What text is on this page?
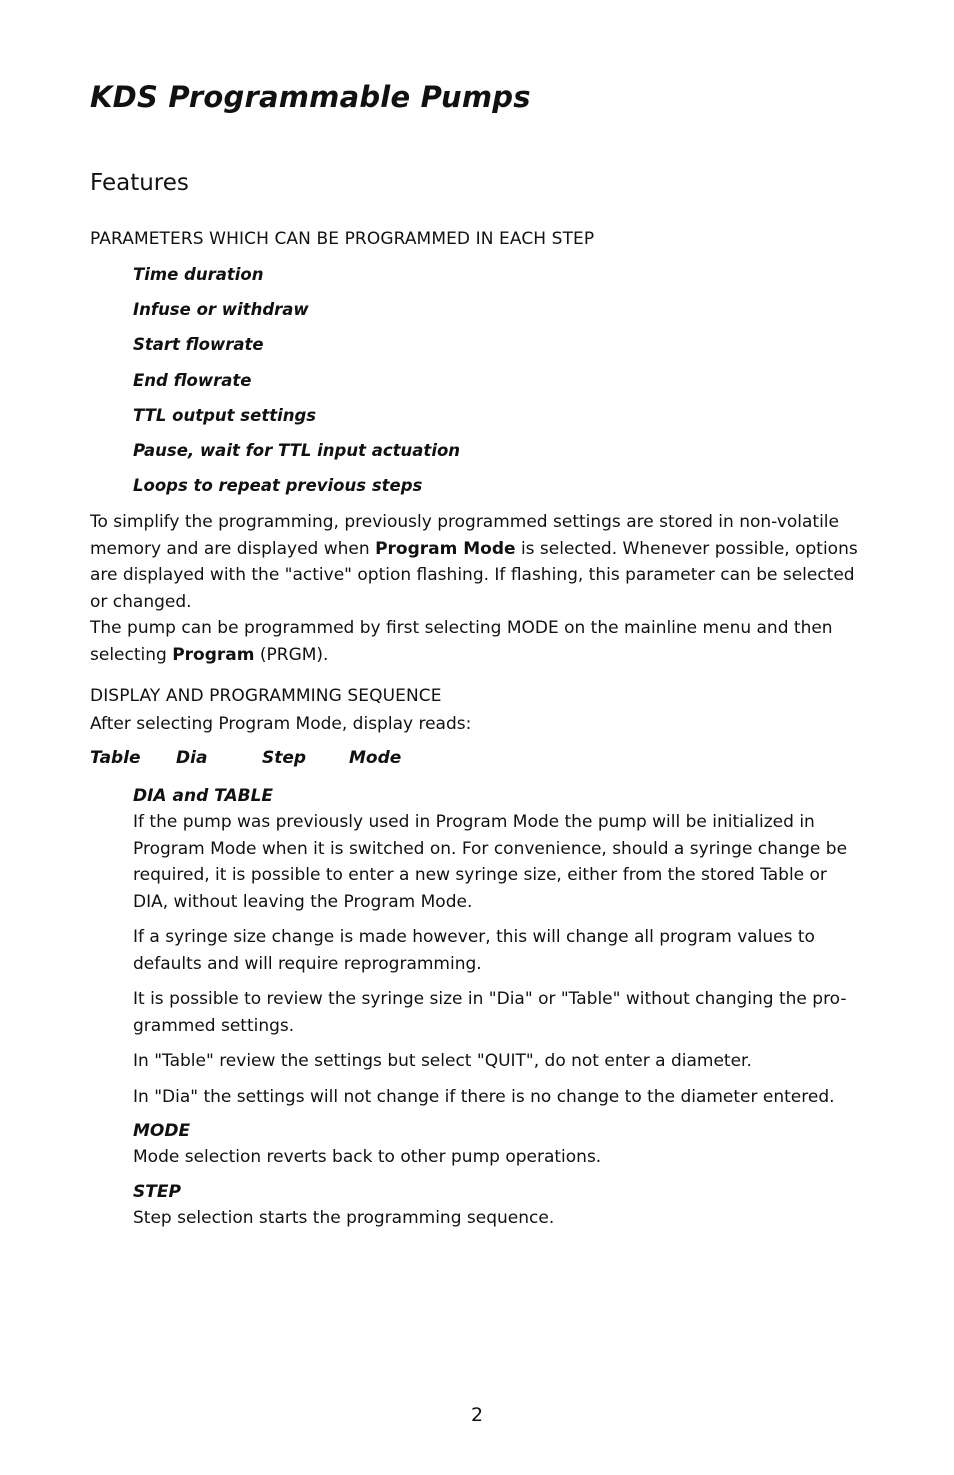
KDS Programmable Pumps
Features
PARAMETERS WHICH CAN BE PROGRAMMED IN EACH STEP
Time duration
Infuse or withdraw
Start flowrate
End flowrate
TTL output settings
Pause, wait for TTL input actuation
Loops to repeat previous steps

To simplify the programming, previously programmed settings are stored in non-volatile memory and are displayed when Program Mode is selected. Whenever possible, options are displayed with the "active" option flashing. If flashing, this parameter can be selected or changed.

The pump can be programmed by first selecting MODE on the mainline menu and then selecting Program (PRGM).

DISPLAY AND PROGRAMMING SEQUENCE

After selecting Program Mode, display reads:

Table Dia	Step	Mode
DIA and TABLE

If the pump was previously used in Program Mode the pump will be initialized in Program Mode when it is switched on. For convenience, should a syringe change be required, it is possible to enter a new syringe size, either from the stored Table or DIA, without leaving the Program Mode.

If a syringe size change is made however, this will change all program values to defaults and will require reprogramming.

It is possible to review the syringe size in "Dia" or "Table" without changing the pro-grammed settings.

In "Table" review the settings but select "QUIT", do not enter a diameter.

In "Dia" the settings will not change if there is no change to the diameter entered.

MODE

Mode selection reverts back to other pump operations.

STEP

Step selection starts the programming sequence.

2
